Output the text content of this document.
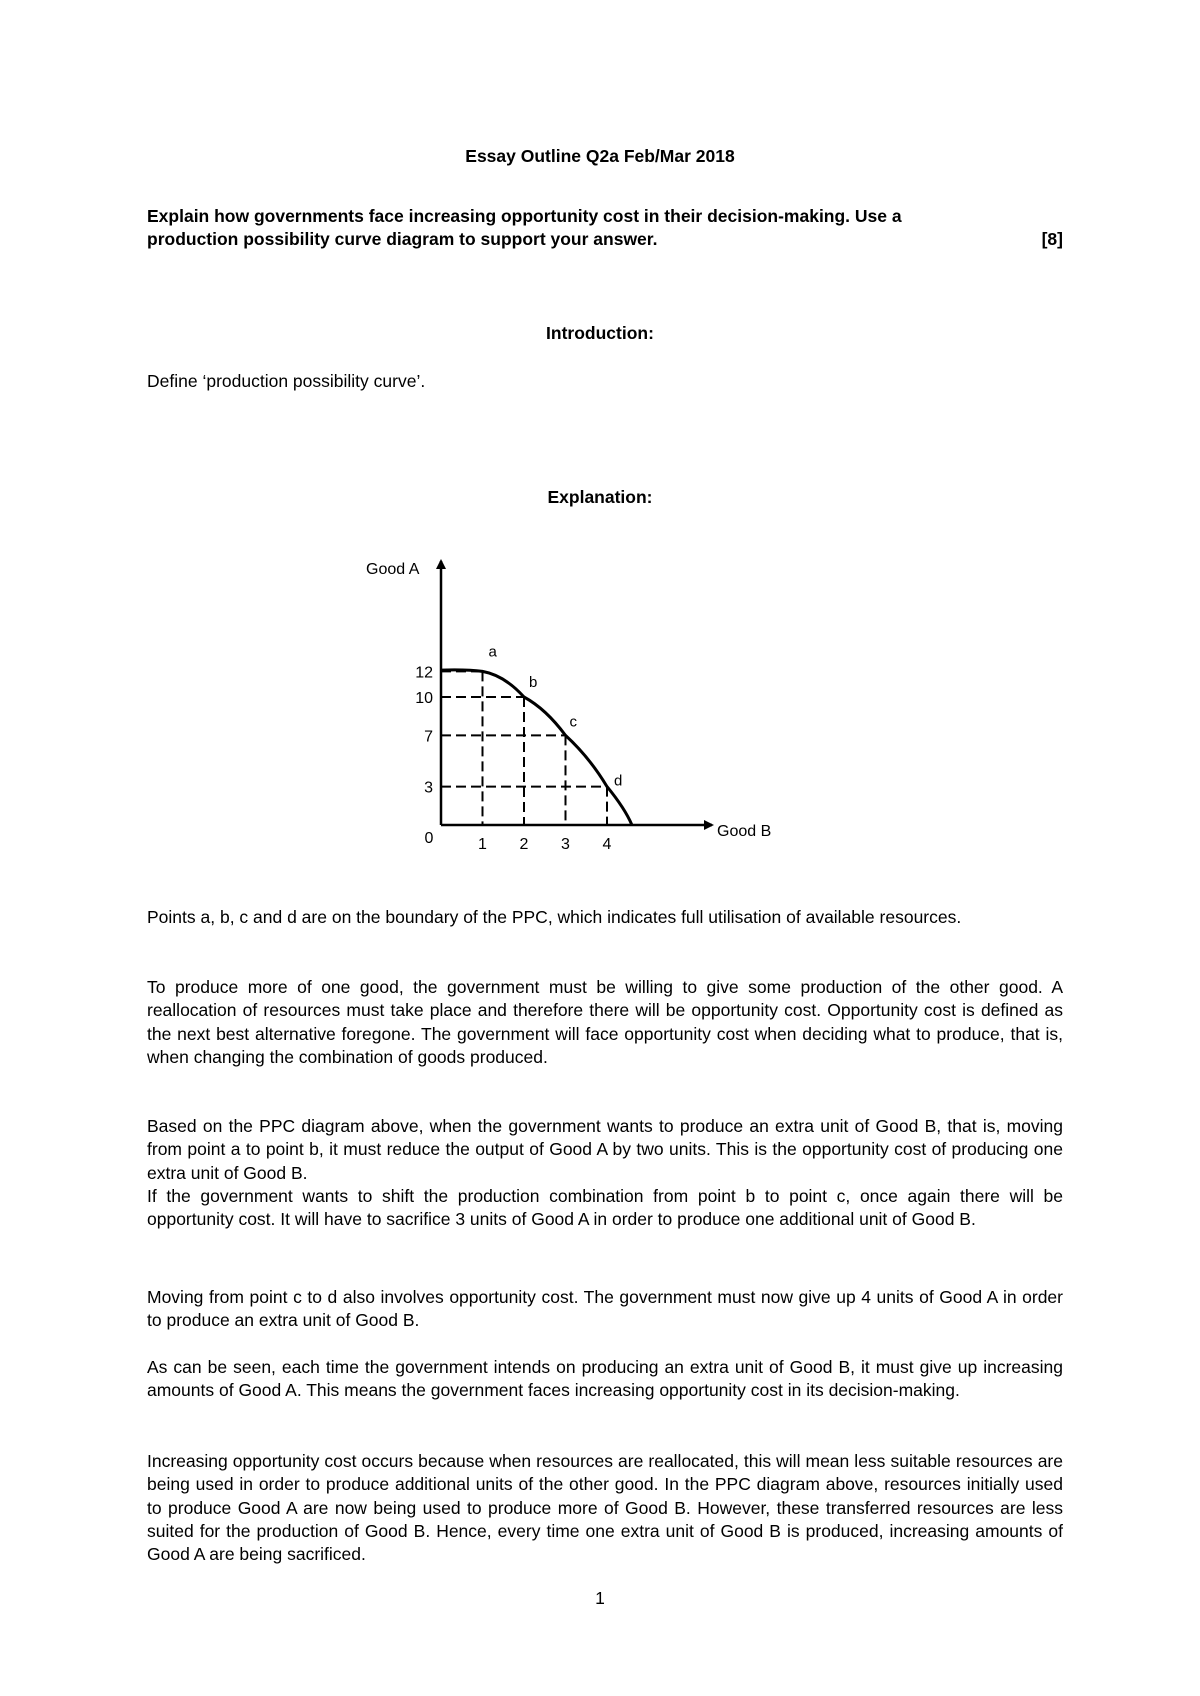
Essay Outline Q2a Feb/Mar 2018
Explain how governments face increasing opportunity cost in their decision-making. Use a
production possibility curve diagram to support your answer.	[8]
Introduction:
Define ‘production possibility curve’.
Explanation:
1 2 3 4
12
10
7
3
a
b
c
d
Good A
Good B
0

Points a, b, c and d are on the boundary of the PPC, which indicates full utilisation of available resources.

To produce more of one good, the government must be willing to give some production of the other good. A reallocation of resources must take place and therefore there will be opportunity cost. Opportunity cost is defined as the next best alternative foregone. The government will face opportunity cost when deciding what to produce, that is, when changing the combination of goods produced.

Based on the PPC diagram above, when the government wants to produce an extra unit of Good B, that is, moving from point a to point b, it must reduce the output of Good A by two units. This is the opportunity cost of producing one extra unit of Good B.

If the government wants to shift the production combination from point b to point c, once again there will be opportunity cost. It will have to sacrifice 3 units of Good A in order to produce one additional unit of Good B.

Moving from point c to d also involves opportunity cost. The government must now give up 4 units of Good A in order to produce an extra unit of Good B.

As can be seen, each time the government intends on producing an extra unit of Good B, it must give up increasing amounts of Good A. This means the government faces increasing opportunity cost in its decision-making.

Increasing opportunity cost occurs because when resources are reallocated, this will mean less suitable resources are being used in order to produce additional units of the other good. In the PPC diagram above, resources initially used to produce Good A are now being used to produce more of Good B. However, these transferred resources are less suited for the production of Good B. Hence, every time one extra unit of Good B is produced, increasing amounts of Good A are being sacrificed.

1
